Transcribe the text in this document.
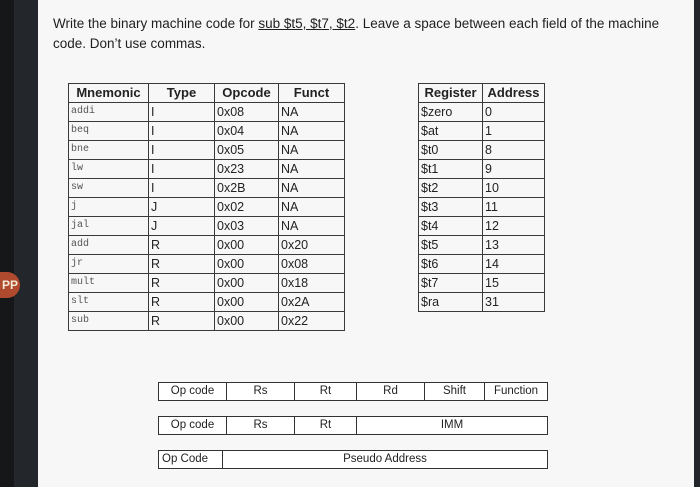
PP
Write the binary machine code for sub $t5, $t7, $t2. Leave a space between each field of the machine code. Don’t use commas.
Mnemonic	Type	Opcode	Funct
addi	I	0x08	NA
beq	I	0x04	NA
bne	I	0x05	NA
lw	I	0x23	NA
sw	I	0x2B	NA
j	J	0x02	NA
jal	J	0x03	NA
add	R	0x00	0x20
jr	R	0x00	0x08
mult	R	0x00	0x18
slt	R	0x00	0x2A
sub	R	0x00	0x22
Register	Address
$zero	0
$at	1
$t0	8
$t1	9
$t2	10
$t3	11
$t4	12
$t5	13
$t6	14
$t7	15
$ra	31
Op code	Rs	Rt	Rd	Shift	Function
Op code	Rs	Rt	IMM
Op Code	Pseudo Address
